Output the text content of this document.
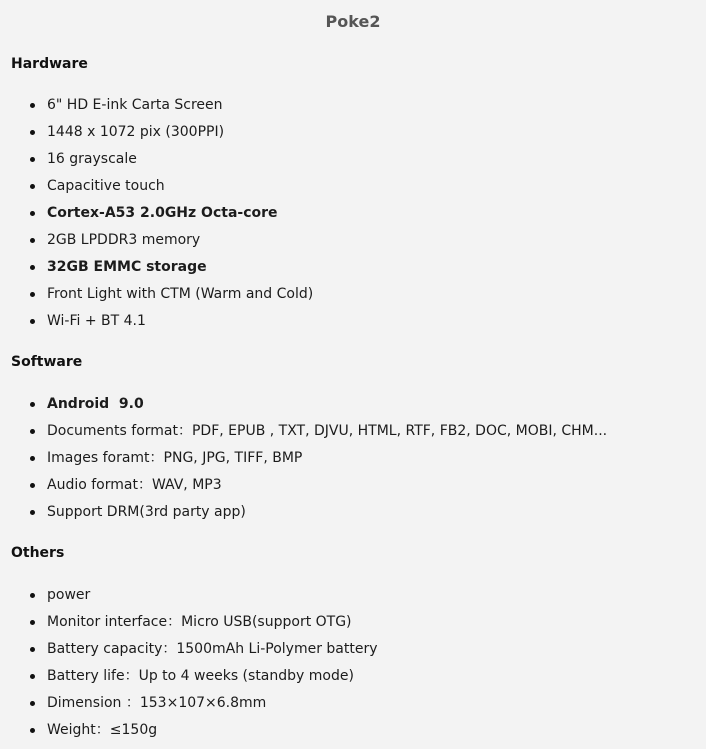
Poke2
Hardware
6" HD E-ink Carta Screen
1448 x 1072 pix (300PPI)
16 grayscale
Capacitive touch
Cortex-A53 2.0GHz Octa-core
2GB LPDDR3 memory
32GB EMMC storage
Front Light with CTM (Warm and Cold)
Wi-Fi + BT 4.1
Software
Android  9.0
Documents format：PDF, EPUB , TXT, DJVU, HTML, RTF, FB2, DOC, MOBI, CHM...
Images foramt：PNG, JPG, TIFF, BMP
Audio format：WAV, MP3
Support DRM(3rd party app)
Others
power
Monitor interface：Micro USB(support OTG)
Battery capacity：1500mAh Li-Polymer battery
Battery life：Up to 4 weeks (standby mode)
Dimension ：153×107×6.8mm
Weight：≤150g
